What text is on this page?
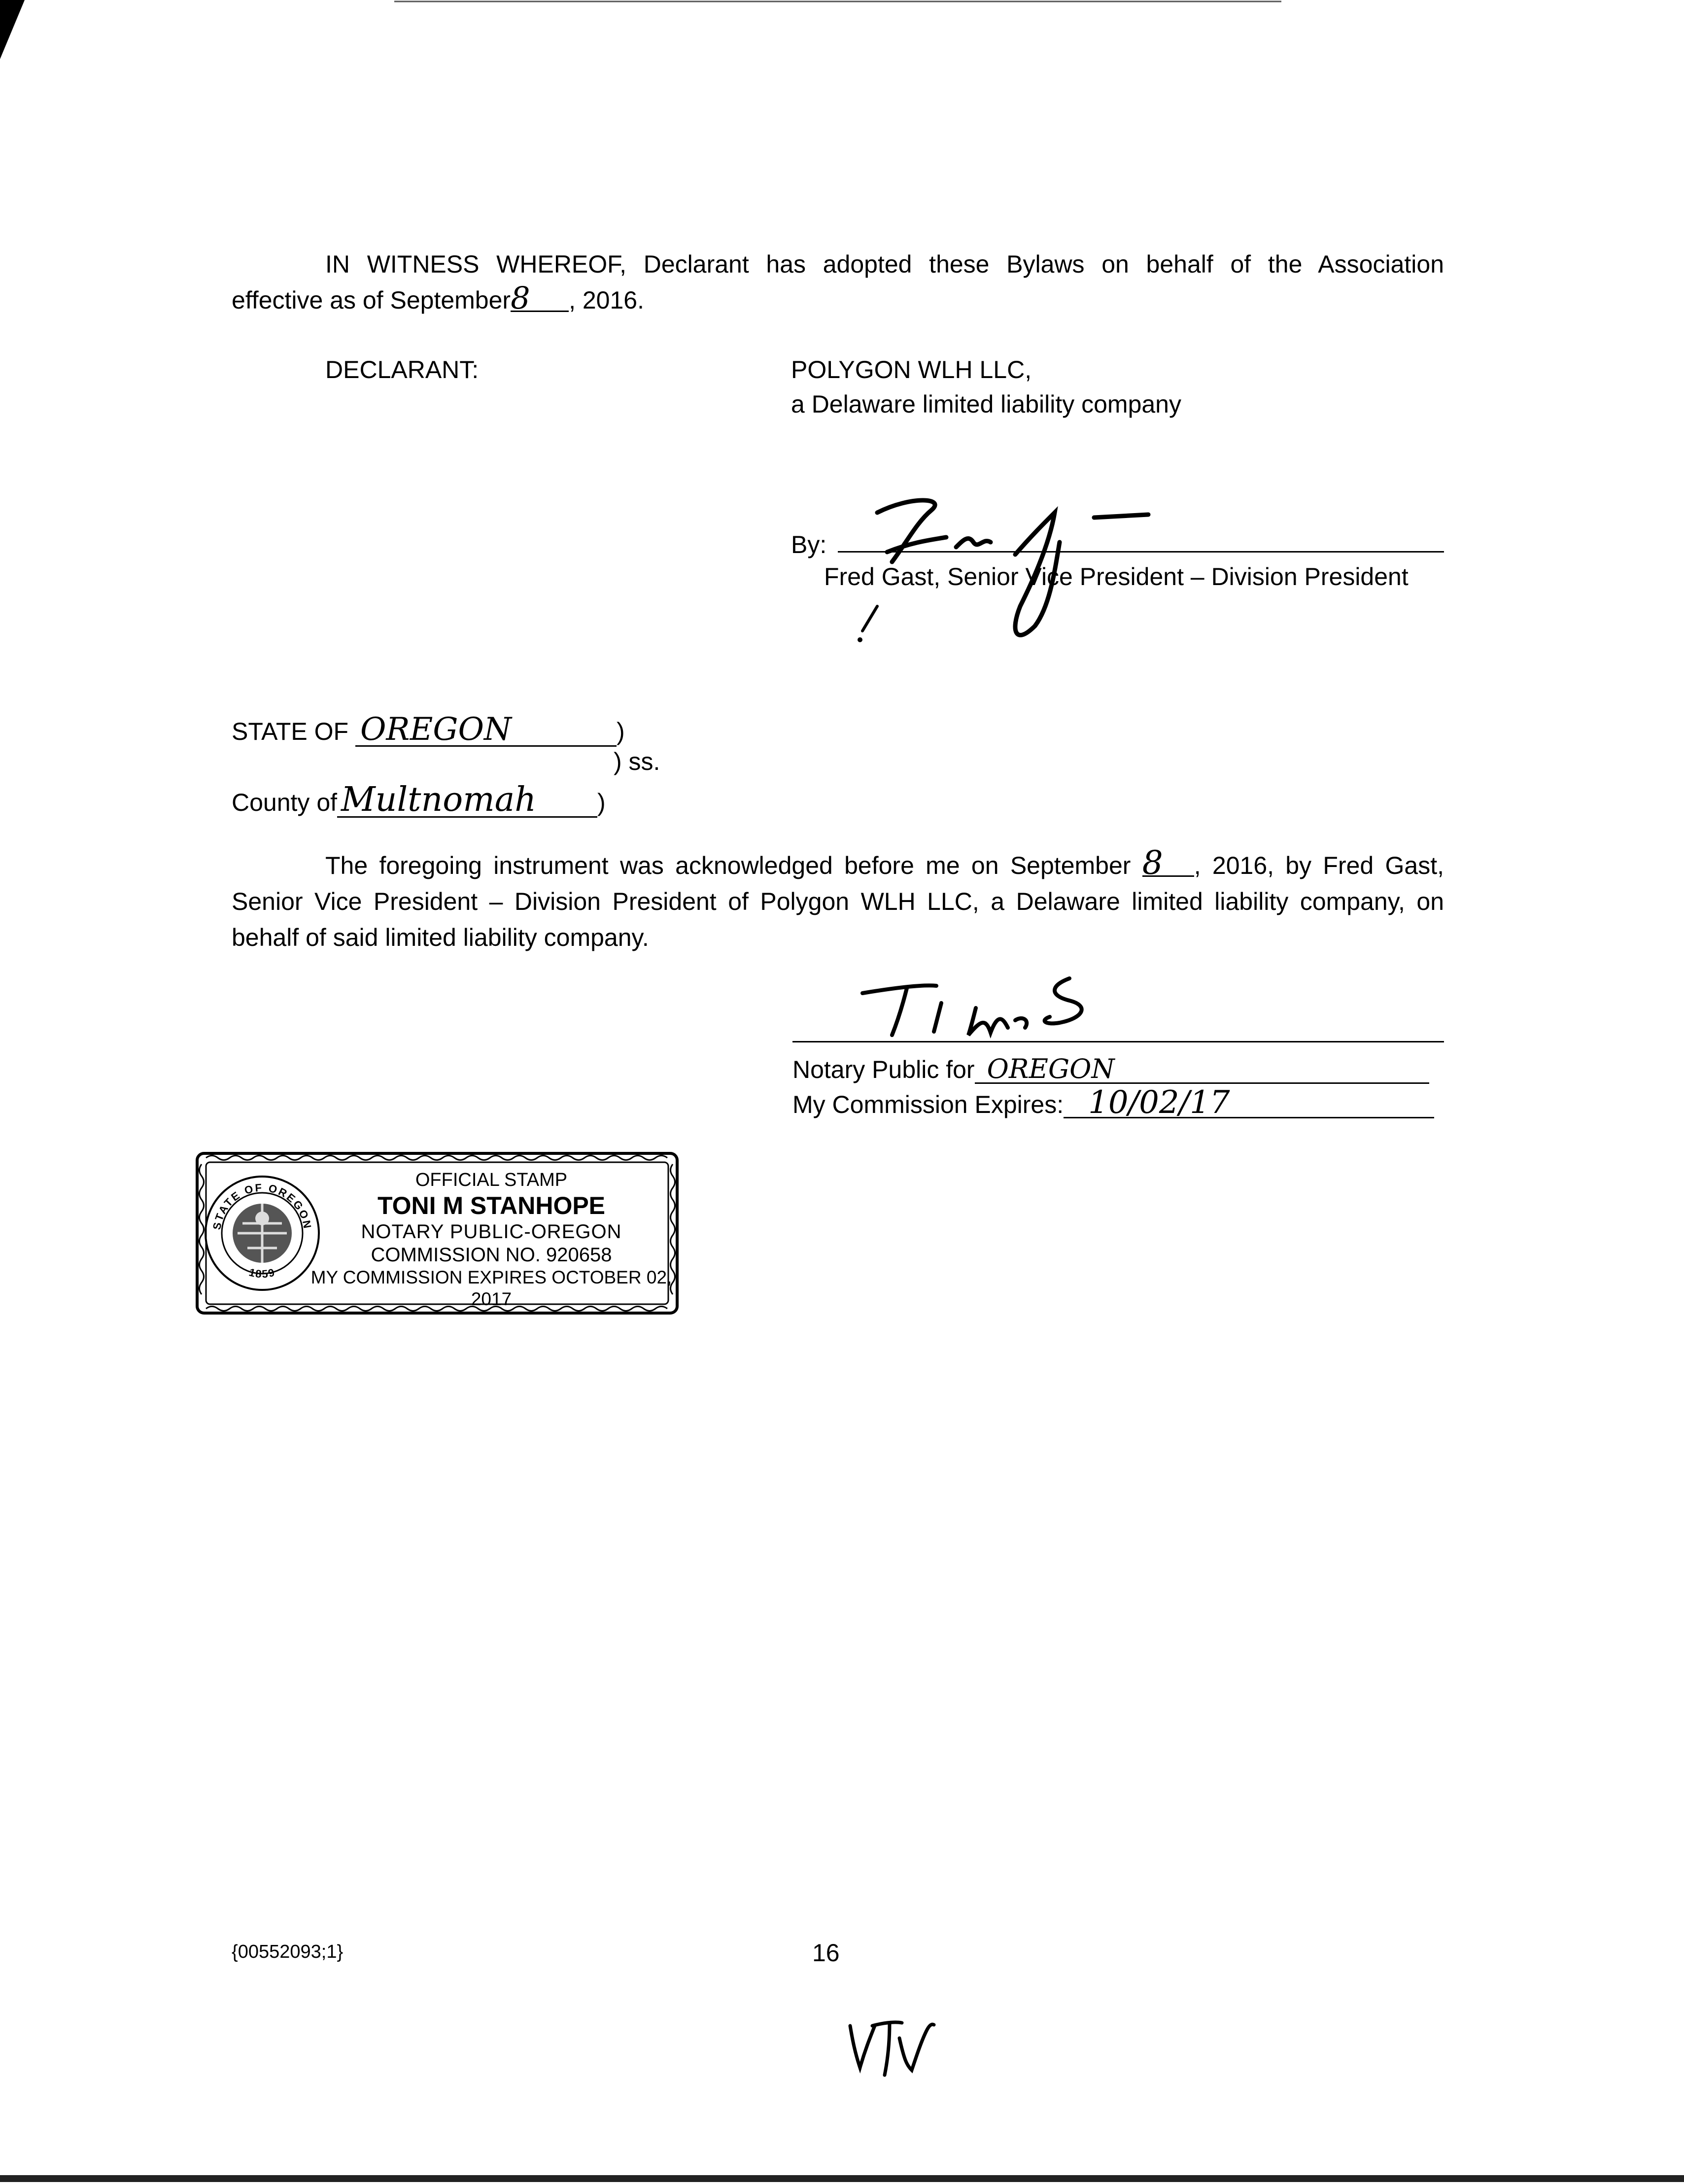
IN WITNESS WHEREOF, Declarant has adopted these Bylaws on behalf of the Association
effective as of September8 , 2016.
DECLARANT:	POLYGON WLH LLC,
a Delaware limited liability company
By:
Fred Gast, Senior Vice President – Division President
STATE OF OREGON	)
) ss.
County of Multnomah )
The foregoing instrument was acknowledged before me on September 8 , 2016, by Fred Gast,
Senior Vice President – Division President of Polygon WLH LLC, a Delaware limited liability company, on
behalf of said limited liability company.
Notary Public for OREGON
My Commission Expires: 10/02/17
STATE OF OREGON
1859
OFFICIAL STAMP
TONI M STANHOPE
NOTARY PUBLIC-OREGON
COMMISSION NO. 920658
MY COMMISSION EXPIRES OCTOBER 02, 2017
{00552093;1}	16
